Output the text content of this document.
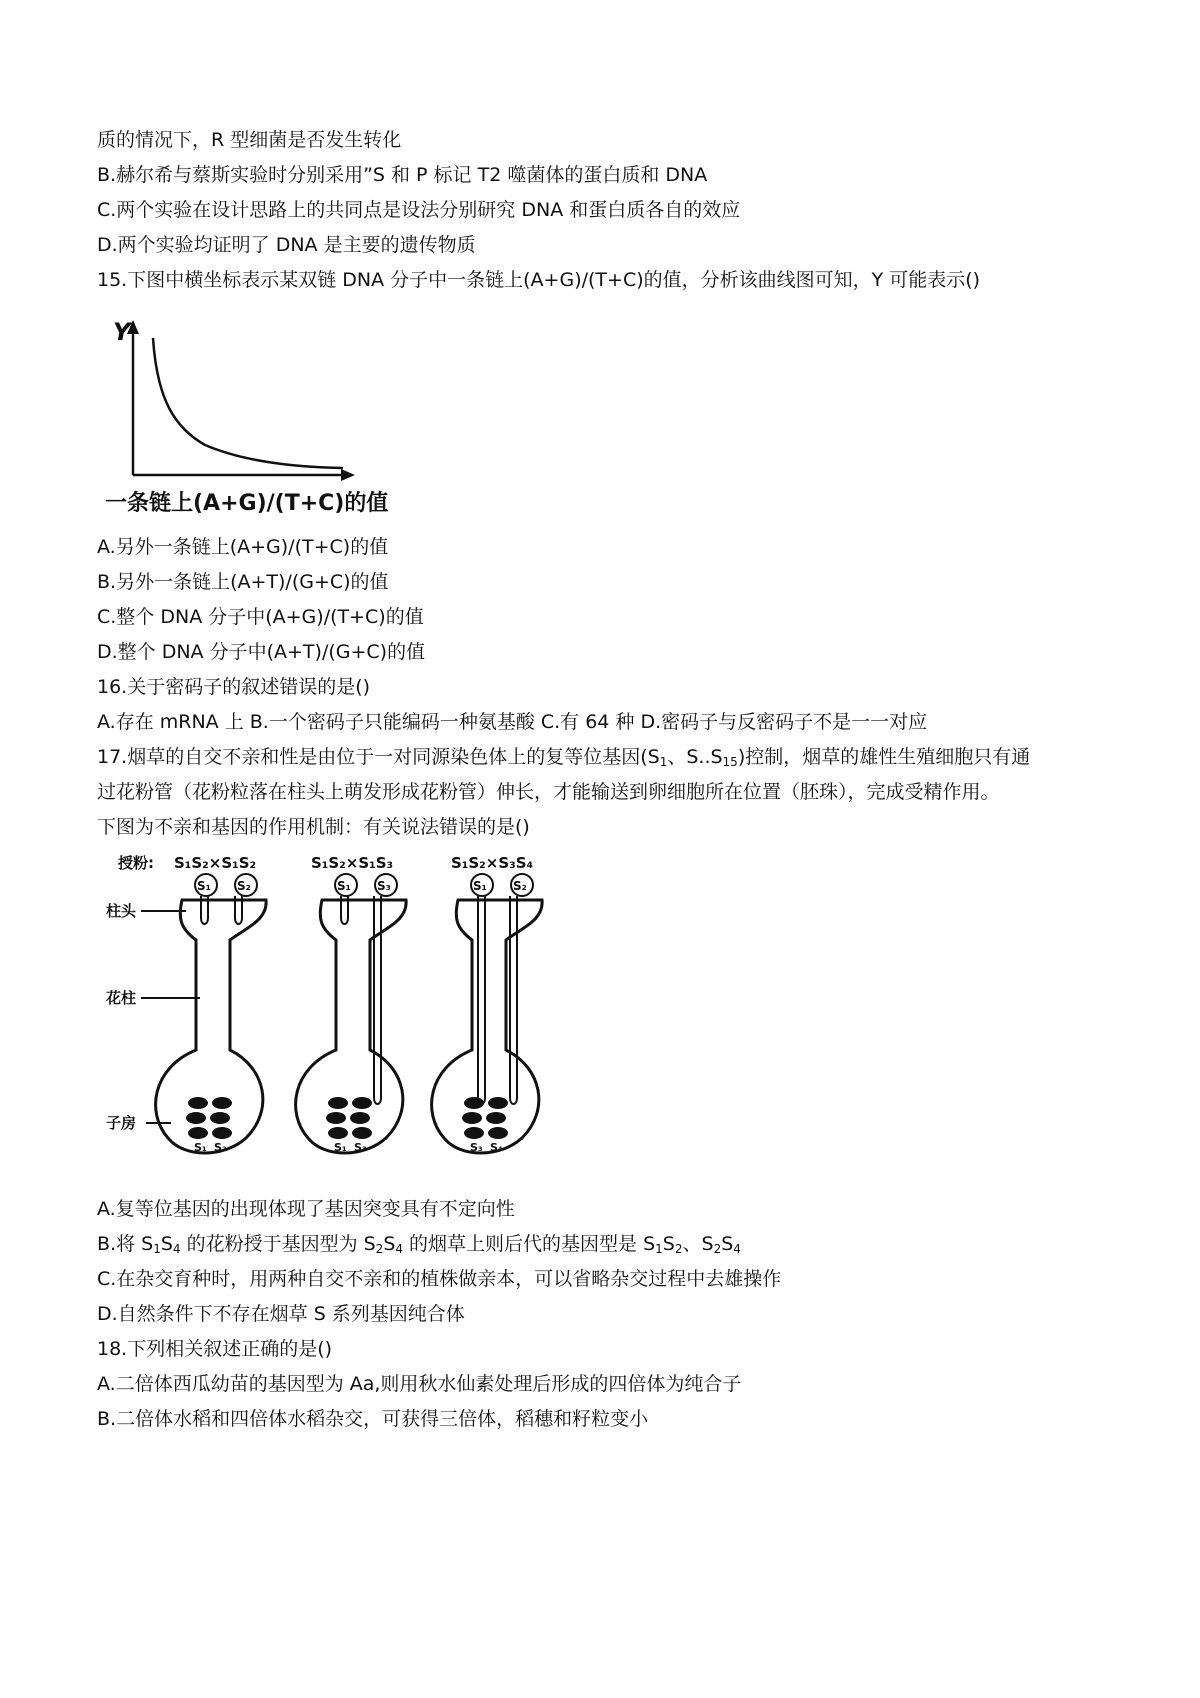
质的情况下，R 型细菌是否发生转化
B.赫尔希与蔡斯实验时分别采用”S 和 P 标记 T2 噬菌体的蛋白质和 DNA
C.两个实验在设计思路上的共同点是设法分别研究 DNA 和蛋白质各自的效应
D.两个实验均证明了 DNA 是主要的遗传物质
15.下图中横坐标表示某双链 DNA 分子中一条链上(A+G)/(T+C)的值，分析该曲线图可知，Y 可能表示()
Y
一条链上(A+G)/(T+C)的值
A.另外一条链上(A+G)/(T+C)的值
B.另外一条链上(A+T)/(G+C)的值
C.整个 DNA 分子中(A+G)/(T+C)的值
D.整个 DNA 分子中(A+T)/(G+C)的值
16.关于密码子的叙述错误的是()
A.存在 mRNA 上 B.一个密码子只能编码一种氨基酸 C.有 64 种 D.密码子与反密码子不是一一对应
17.烟草的自交不亲和性是由位于一对同源染色体上的复等位基因($S_1$、$S..S_{15}$)控制，烟草的雄性生殖细胞只有通
过花粉管（花粉粒落在柱头上萌发形成花粉管）伸长，才能输送到卵细胞所在位置（胚珠），完成受精作用。
下图为不亲和基因的作用机制：有关说法错误的是()
授粉: S₁S₂×S₁S₂	S₁S₂×S₁S₃	S₁S₂×S₃S₄
柱头
花柱
子房
S₁ S₂
S₁ S₂
S₁ S₃
S₁ S₃
S₁ S₂
S₃ S₄
A.复等位基因的出现体现了基因突变具有不定向性
B.将 $S_1S_4$ 的花粉授于基因型为 $S_2S_4$ 的烟草上则后代的基因型是 $S_1S_2$、$S_2S_4$
C.在杂交育种时，用两种自交不亲和的植株做亲本，可以省略杂交过程中去雄操作
D.自然条件下不存在烟草 S 系列基因纯合体
18.下列相关叙述正确的是()
A.二倍体西瓜幼苗的基因型为 Aa,则用秋水仙素处理后形成的四倍体为纯合子
B.二倍体水稻和四倍体水稻杂交，可获得三倍体，稻穗和籽粒变小
